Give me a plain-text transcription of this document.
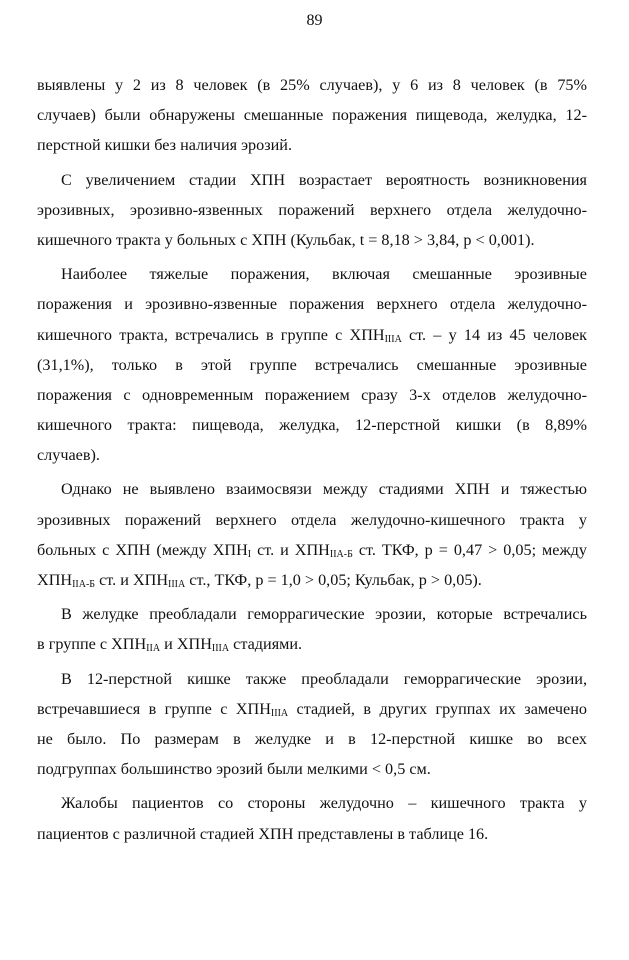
89
выявлены у 2 из 8 человек (в 25% случаев), у 6 из 8 человек (в 75%
случаев) были обнаружены смешанные поражения пищевода, желудка, 12-
перстной кишки без наличия эрозий.
С увеличением стадии ХПН возрастает вероятность возникновения
эрозивных, эрозивно-язвенных поражений верхнего отдела желудочно-
кишечного тракта у больных с ХПН (Кульбак, t = 8,18 > 3,84, p < 0,001).
Наиболее тяжелые поражения, включая смешанные эрозивные
поражения и эрозивно-язвенные поражения верхнего отдела желудочно-
кишечного тракта, встречались в группе с $ХПН_{IIIA}$ ст. – у 14 из 45 человек
(31,1%), только в этой группе встречались смешанные эрозивные
поражения с одновременным поражением сразу 3-х отделов желудочно-
кишечного тракта: пищевода, желудка, 12-перстной кишки (в 8,89%
случаев).
Однако не выявлено взаимосвязи между стадиями ХПН и тяжестью
эрозивных поражений верхнего отдела желудочно-кишечного тракта у
больных с ХПН (между $ХПН_I$ ст. и $ХПН_{IIA-Б}$ ст. ТКФ, p = 0,47 > 0,05; между
$ХПН_{IIA-Б}$ ст. и $ХПН_{IIIA}$ ст., ТКФ, p = 1,0 > 0,05; Кульбак, p > 0,05).
В желудке преобладали геморрагические эрозии, которые встречались
в группе с $ХПН_{IIA}$ и $ХПН_{IIIA}$ стадиями.
В 12-перстной кишке также преобладали геморрагические эрозии,
встречавшиеся в группе с $ХПН_{IIIA}$ стадией, в других группах их замечено
не было. По размерам в желудке и в 12-перстной кишке во всех
подгруппах большинство эрозий были мелкими < 0,5 см.
Жалобы пациентов со стороны желудочно – кишечного тракта у
пациентов с различной стадией ХПН представлены в таблице 16.
